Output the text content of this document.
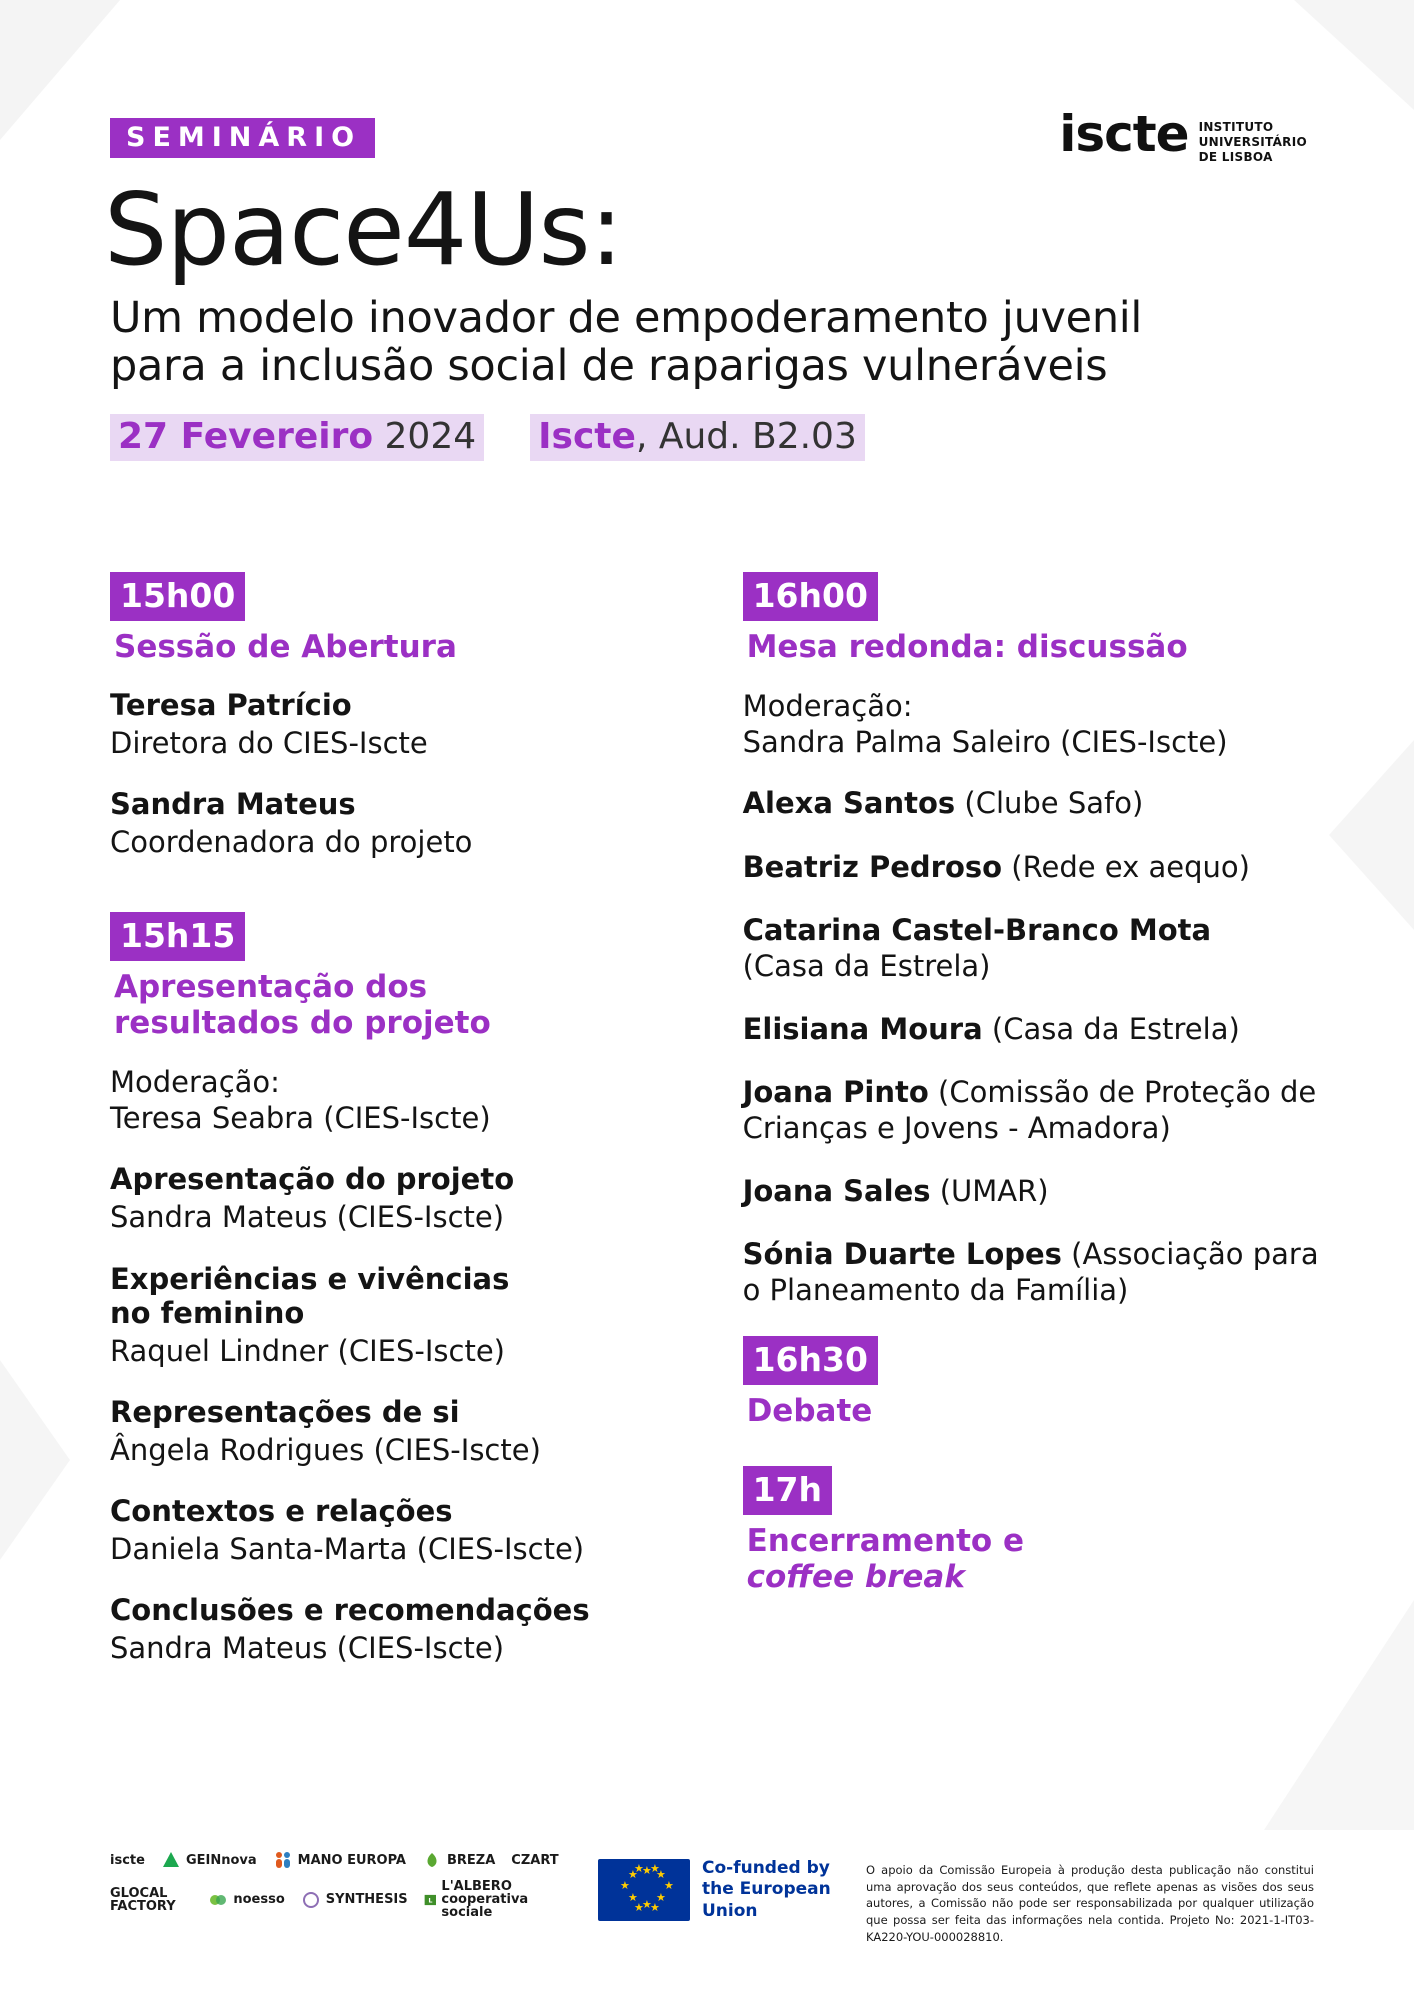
iscte INSTITUTO
UNIVERSITÁRIO
DE LISBOA
SEMINÁRIO
Space4Us:
Um modelo inovador de empoderamento juvenil
para a inclusão social de raparigas vulneráveis
27 Fevereiro 2024 Iscte, Aud. B2.03
15h00
Sessão de Abertura

Teresa Patrício

Diretora do CIES-Iscte

Sandra Mateus

Coordenadora do projeto

15h15
Apresentação dos
resultados do projeto

Moderação:

Teresa Seabra (CIES-Iscte)

Apresentação do projeto

Sandra Mateus (CIES-Iscte)

Experiências e vivências

no feminino

Raquel Lindner (CIES-Iscte)

Representações de si

Ângela Rodrigues (CIES-Iscte)

Contextos e relações

Daniela Santa-Marta (CIES-Iscte)

Conclusões e recomendações

Sandra Mateus (CIES-Iscte)

16h00
Mesa redonda: discussão

Moderação:

Sandra Palma Saleiro (CIES-Iscte)

Alexa Santos (Clube Safo)

Beatriz Pedroso (Rede ex aequo)

Catarina Castel-Branco Mota
(Casa da Estrela)

Elisiana Moura (Casa da Estrela)

Joana Pinto (Comissão de Proteção de Crianças e Jovens - Amadora)

Joana Sales (UMAR)

Sónia Duarte Lopes (Associação para o Planeamento da Família)

16h30
Debate
17h
Encerramento e
coffee break
iscte	GEINnova	MANO EUROPA	BREZA CZART
GLOCAL FACTORY	noesso	SYNTHESIS L
L'ALBERO cooperativa sociale
★ ★
★
★
★
★
★
★
★ ★
★ ★
Co-funded by
the European Union
O apoio da Comissão Europeia à produção desta publicação não constitui uma aprovação dos seus conteúdos, que reflete apenas as visões dos seus autores, a Comissão não pode ser responsabilizada por qualquer utilização que possa ser feita das informações nela contida. Projeto No: 2021-1-IT03-KA220-YOU-000028810.
